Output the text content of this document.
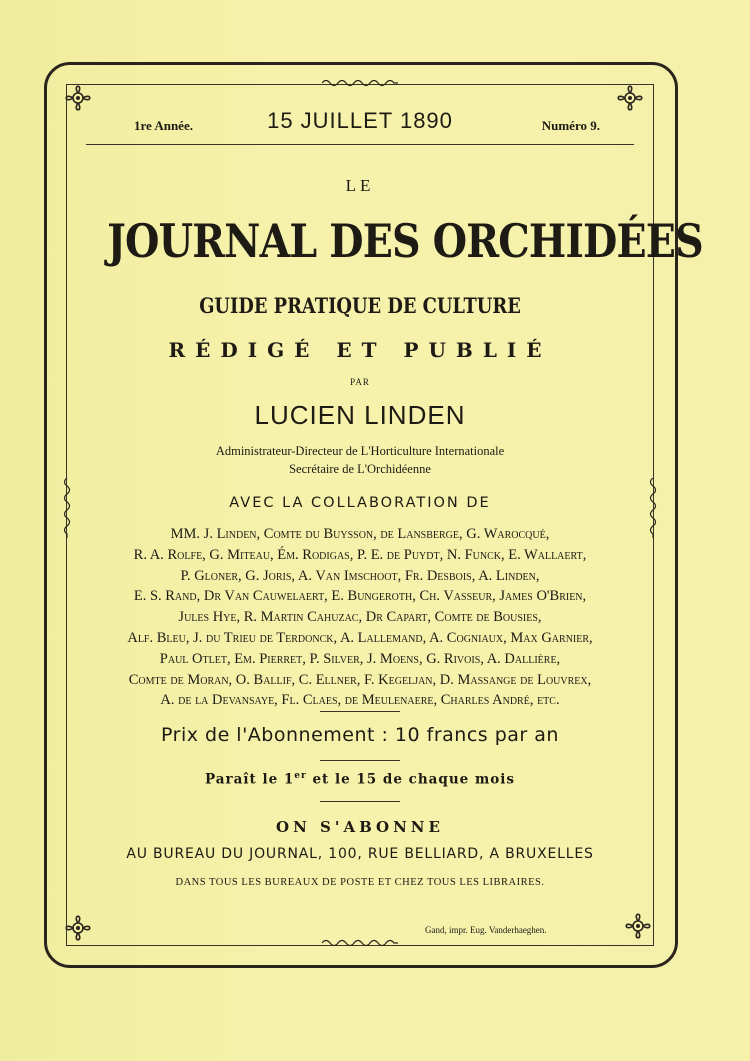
1re Année.	15 JUILLET 1890	Numéro 9.
LE
JOURNAL DES ORCHIDÉES
GUIDE PRATIQUE DE CULTURE
RÉDIGÉ ET PUBLIÉ
PAR
LUCIEN LINDEN
Administrateur-Directeur de L'Horticulture Internationale
Secrétaire de L'Orchidéenne
AVEC LA COLLABORATION DE
MM. J. Linden, Comte du Buysson, de Lansberge, G. Warocqué,
R. A. Rolfe, G. Miteau, Ém. Rodigas, P. E. de Puydt, N. Funck, E. Wallaert,
P. Gloner, G. Joris, A. Van Imschoot, Fr. Desbois, A. Linden,
E. S. Rand, Dr Van Cauwelaert, E. Bungeroth, Ch. Vasseur, James O'Brien,
Jules Hye, R. Martin Cahuzac, Dr Capart, Comte de Bousies,
Alf. Bleu, J. du Trieu de Terdonck, A. Lallemand, A. Cogniaux, Max Garnier,
Paul Otlet, Em. Pierret, P. Silver, J. Moens, G. Rivois, A. Dallière,
Comte de Moran, O. Ballif, C. Ellner, F. Kegeljan, D. Massange de Louvrex,
A. de la Devansaye, Fl. Claes, de Meulenaere, Charles André, etc.
Prix de l'Abonnement : 10 francs par an
Paraît le 1er et le 15 de chaque mois
ON S'ABONNE
AU BUREAU DU JOURNAL, 100, RUE BELLIARD, A BRUXELLES
DANS TOUS LES BUREAUX DE POSTE ET CHEZ TOUS LES LIBRAIRES.
Gand, impr. Eug. Vanderhaeghen.
